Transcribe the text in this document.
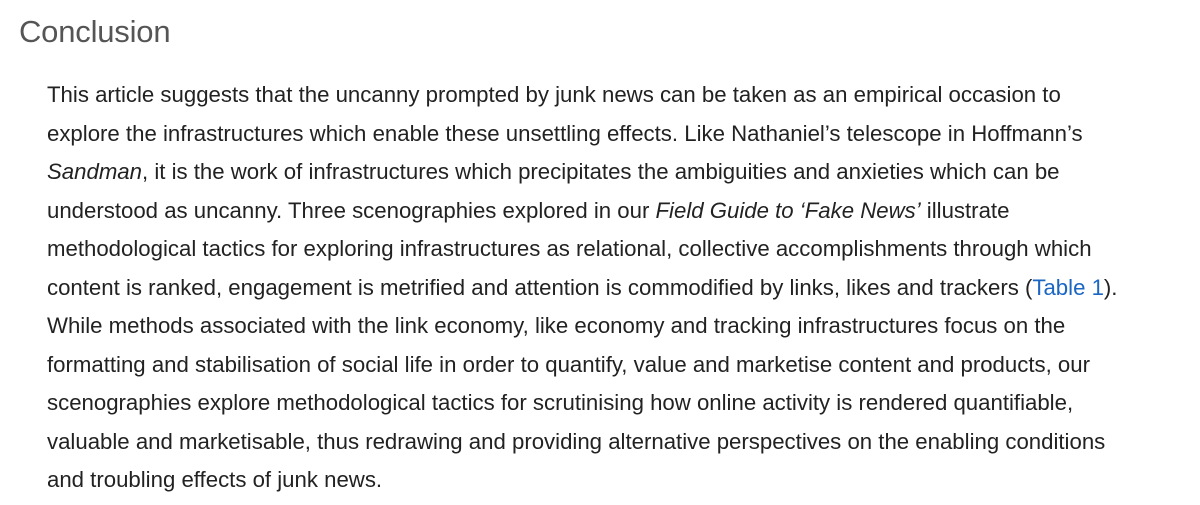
Conclusion
This article suggests that the uncanny prompted by junk news can be taken as an empirical occasion to
explore the infrastructures which enable these unsettling effects. Like Nathaniel’s telescope in Hoffmann’s
Sandman, it is the work of infrastructures which precipitates the ambiguities and anxieties which can be
understood as uncanny. Three scenographies explored in our Field Guide to ‘Fake News’ illustrate
methodological tactics for exploring infrastructures as relational, collective accomplishments through which
content is ranked, engagement is metrified and attention is commodified by links, likes and trackers (Table 1).
While methods associated with the link economy, like economy and tracking infrastructures focus on the
formatting and stabilisation of social life in order to quantify, value and marketise content and products, our
scenographies explore methodological tactics for scrutinising how online activity is rendered quantifiable,
valuable and marketisable, thus redrawing and providing alternative perspectives on the enabling conditions
and troubling effects of junk news.
